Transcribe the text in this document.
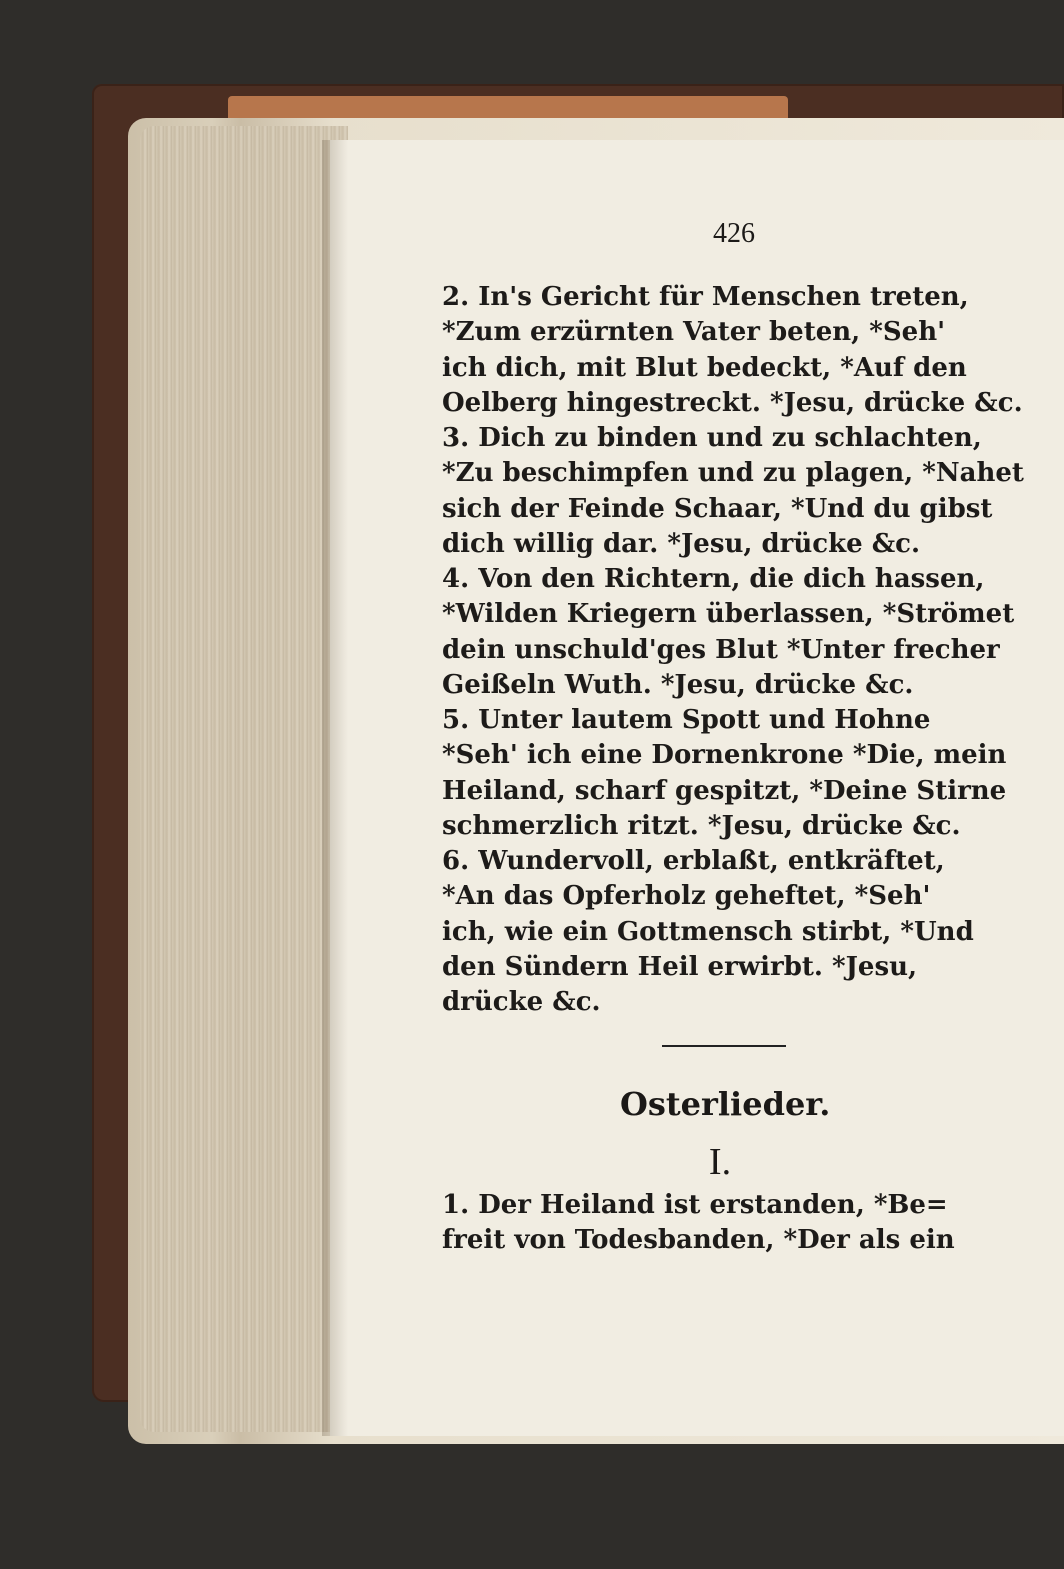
426

2. In's Gericht für Menschen treten,
*Zum erzürnten Vater beten, *Seh'
ich dich, mit Blut bedeckt, *Auf den
Oelberg hingestreckt. *Jesu, drücke &c.

3. Dich zu binden und zu schlachten,
*Zu beschimpfen und zu plagen, *Nahet
sich der Feinde Schaar, *Und du gibst
dich willig dar. *Jesu, drücke &c.

4. Von den Richtern, die dich hassen,
*Wilden Kriegern überlassen, *Strömet
dein unschuld'ges Blut *Unter frecher
Geißeln Wuth. *Jesu, drücke &c.

5. Unter lautem Spott und Hohne
*Seh' ich eine Dornenkrone *Die, mein
Heiland, scharf gespitzt, *Deine Stirne
schmerzlich ritzt. *Jesu, drücke &c.

6. Wundervoll, erblaßt, entkräftet,
*An das Opferholz geheftet, *Seh'
ich, wie ein Gottmensch stirbt, *Und
den Sündern Heil erwirbt. *Jesu,
drücke &c.

Osterlieder.
I.

1. Der Heiland ist erstanden, *Be=
freit von Todesbanden, *Der als ein
